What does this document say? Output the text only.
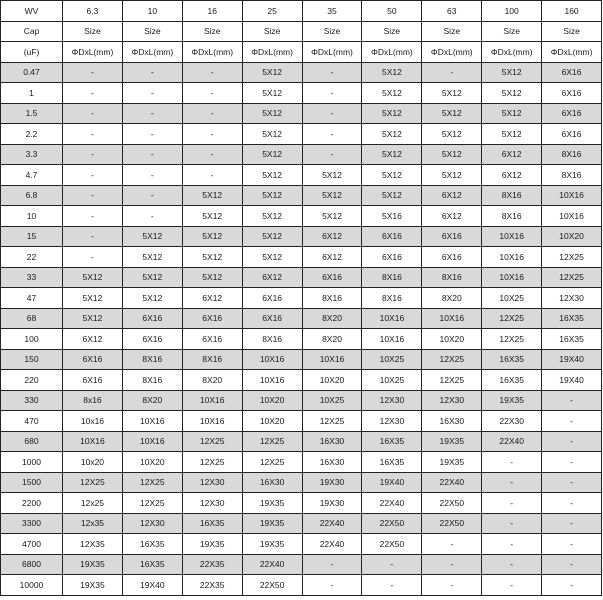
WV	6.3	10	16	25	35	50	63	100	160
Cap	Size	Size	Size	Size	Size	Size	Size	Size	Size
(uF)	ΦDxL(mm)	ΦDxL(mm)	ΦDxL(mm)	ΦDxL(mm)	ΦDxL(mm)	ΦDxL(mm)	ΦDxL(mm)	ΦDxL(mm)	ΦDxL(mm)
0.47	-	-	-	5X12	-	5X12	-	5X12	6X16
1	-	-	-	5X12	-	5X12	5X12	5X12	6X16
1.5	-	-	-	5X12	-	5X12	5X12	5X12	6X16
2.2	-	-	-	5X12	-	5X12	5X12	5X12	6X16
3.3	-	-	-	5X12	-	5X12	5X12	6X12	8X16
4.7	-	-	-	5X12	5X12	5X12	5X12	6X12	8X16
6.8	-	-	5X12	5X12	5X12	5X12	6X12	8X16	10X16
10	-	-	5X12	5X12	5X12	5X16	6X12	8X16	10X16
15	-	5X12	5X12	5X12	6X12	6X16	6X16	10X16	10X20
22	-	5X12	5X12	5X12	6X12	6X16	6X16	10X16	12X25
33	5X12	5X12	5X12	6X12	6X16	8X16	8X16	10X16	12X25
47	5X12	5X12	6X12	6X16	8X16	8X16	8X20	10X25	12X30
68	5X12	6X16	6X16	6X16	8X20	10X16	10X16	12X25	16X35
100	6X12	6X16	6X16	8X16	8X20	10X16	10X20	12X25	16X35
150	6X16	8X16	8X16	10X16	10X16	10X25	12X25	16X35	19X40
220	6X16	8X16	8X20	10X16	10X20	10X25	12X25	16X35	19X40
330	8x16	8X20	10X16	10X20	10X25	12X30	12X30	19X35	-
470	10x16	10X16	10X16	10X20	12X25	12X30	16X30	22X30	-
680	10X16	10X16	12X25	12X25	16X30	16X35	19X35	22X40	-
1000	10x20	10X20	12X25	12X25	16X30	16X35	19X35	-	-
1500	12X25	12X25	12X30	16X30	19X30	19X40	22X40	-	-
2200	12x25	12X25	12X30	19X35	19X30	22X40	22X50	-	-
3300	12x35	12X30	16X35	19X35	22X40	22X50	22X50	-	-
4700	12X35	16X35	19X35	19X35	22X40	22X50	-	-	-
6800	19X35	16X35	22X35	22X40	-	-	-	-	-
10000	19X35	19X40	22X35	22X50	-	-	-	-	-
